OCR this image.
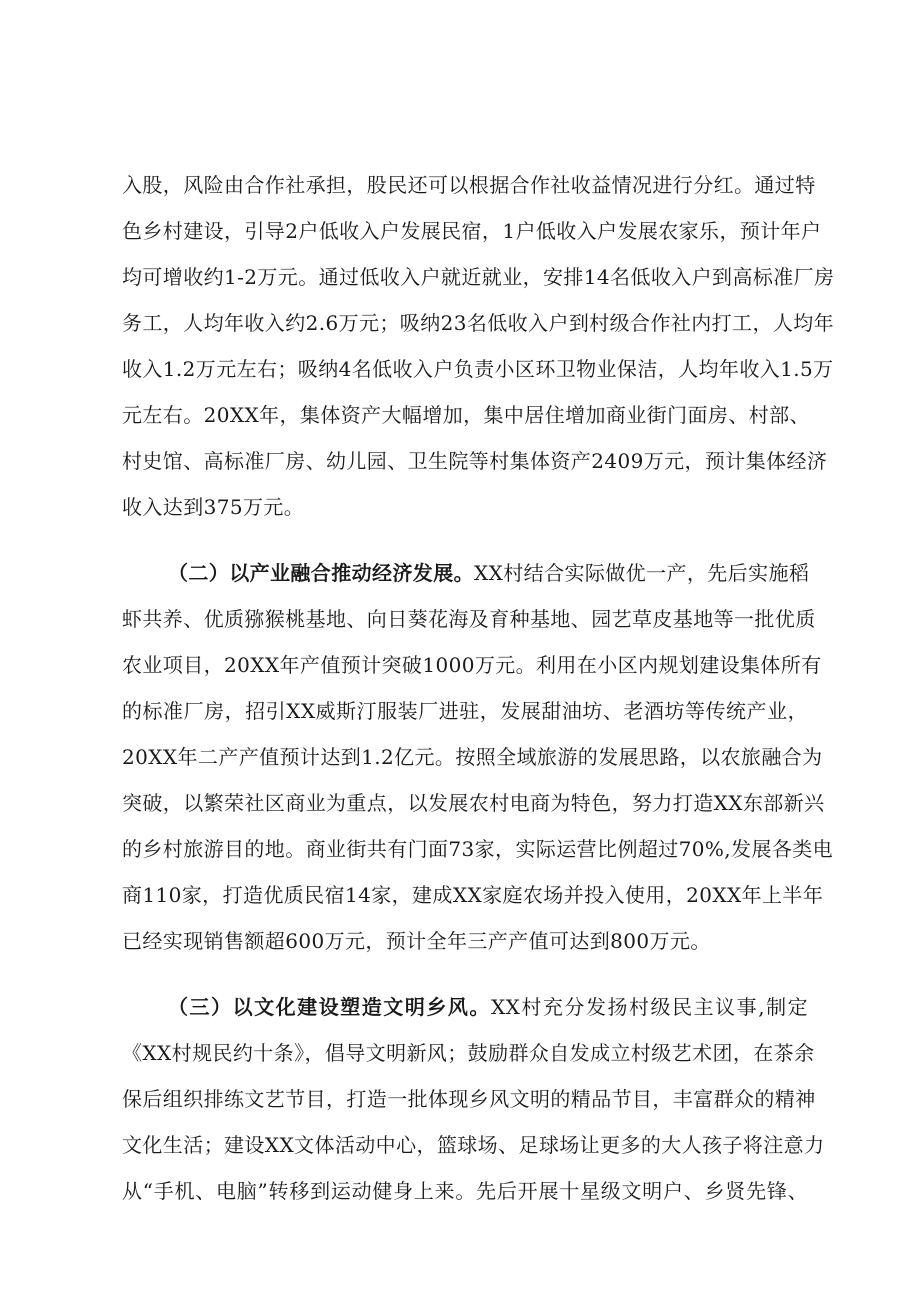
入股，风险由合作社承担，股民还可以根据合作社收益情况进行分红。通过特
色乡村建设，引导2户低收入户发展民宿，1户低收入户发展农家乐，预计年户
均可增收约1-2万元。通过低收入户就近就业，安排14名低收入户到高标准厂房
务工，人均年收入约2.6万元；吸纳23名低收入户到村级合作社内打工，人均年
收入1.2万元左右；吸纳4名低收入户负责小区环卫物业保洁，人均年收入1.5万
元左右。20XX年，集体资产大幅增加，集中居住增加商业街门面房、村部、
村史馆、高标准厂房、幼儿园、卫生院等村集体资产2409万元，预计集体经济
收入达到375万元。
（二）以产业融合推动经济发展。XX村结合实际做优一产，先后实施稻
虾共养、优质猕猴桃基地、向日葵花海及育种基地、园艺草皮基地等一批优质
农业项目，20XX年产值预计突破1000万元。利用在小区内规划建设集体所有
的标准厂房，招引XX威斯汀服装厂进驻，发展甜油坊、老酒坊等传统产业，
20XX年二产产值预计达到1.2亿元。按照全域旅游的发展思路，以农旅融合为
突破，以繁荣社区商业为重点，以发展农村电商为特色，努力打造XX东部新兴
的乡村旅游目的地。商业街共有门面73家，实际运营比例超过70%,发展各类电
商110家，打造优质民宿14家，建成XX家庭农场并投入使用，20XX年上半年
已经实现销售额超600万元，预计全年三产产值可达到800万元。
（三）以文化建设塑造文明乡风。XX村充分发扬村级民主议事,制定
《XX村规民约十条》，倡导文明新风；鼓励群众自发成立村级艺术团，在茶余
保后组织排练文艺节目，打造一批体现乡风文明的精品节目，丰富群众的精神
文化生活；建设XX文体活动中心，篮球场、足球场让更多的大人孩子将注意力
从“手机、电脑”转移到运动健身上来。先后开展十星级文明户、乡贤先锋、
